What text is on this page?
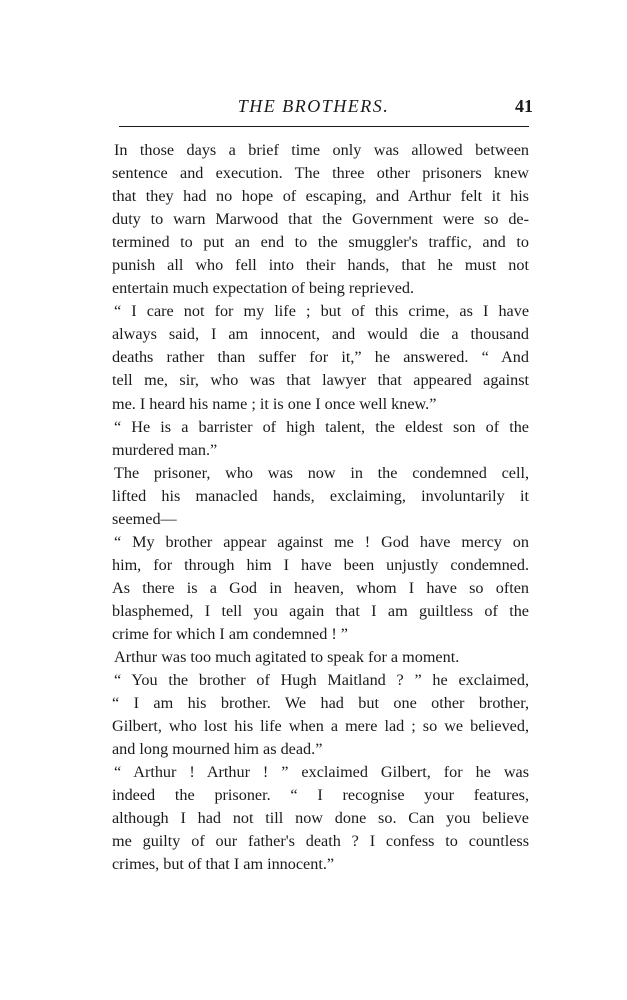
THE BROTHERS.	41

In those days a brief time only was allowed between
sentence and execution. The three other prisoners knew
that they had no hope of escaping, and Arthur felt it his
duty to warn Marwood that the Government were so de-
termined to put an end to the smuggler's traffic, and to
punish all who fell into their hands, that he must not
entertain much expectation of being reprieved.

“ I care not for my life ; but of this crime, as I have
always said, I am innocent, and would die a thousand
deaths rather than suffer for it,” he answered. “ And
tell me, sir, who was that lawyer that appeared against
me. I heard his name ; it is one I once well knew.”

“ He is a barrister of high talent, the eldest son of the
murdered man.”

The prisoner, who was now in the condemned cell,
lifted his manacled hands, exclaiming, involuntarily it
seemed—

“ My brother appear against me ! God have mercy on
him, for through him I have been unjustly condemned.
As there is a God in heaven, whom I have so often
blasphemed, I tell you again that I am guiltless of the
crime for which I am condemned ! ”

Arthur was too much agitated to speak for a moment.

“ You the brother of Hugh Maitland ? ” he exclaimed,
“ I am his brother. We had but one other brother,
Gilbert, who lost his life when a mere lad ; so we believed,
and long mourned him as dead.”

“ Arthur ! Arthur ! ” exclaimed Gilbert, for he was
indeed the prisoner. “ I recognise your features,
although I had not till now done so. Can you believe
me guilty of our father's death ? I confess to countless
crimes, but of that I am innocent.”
